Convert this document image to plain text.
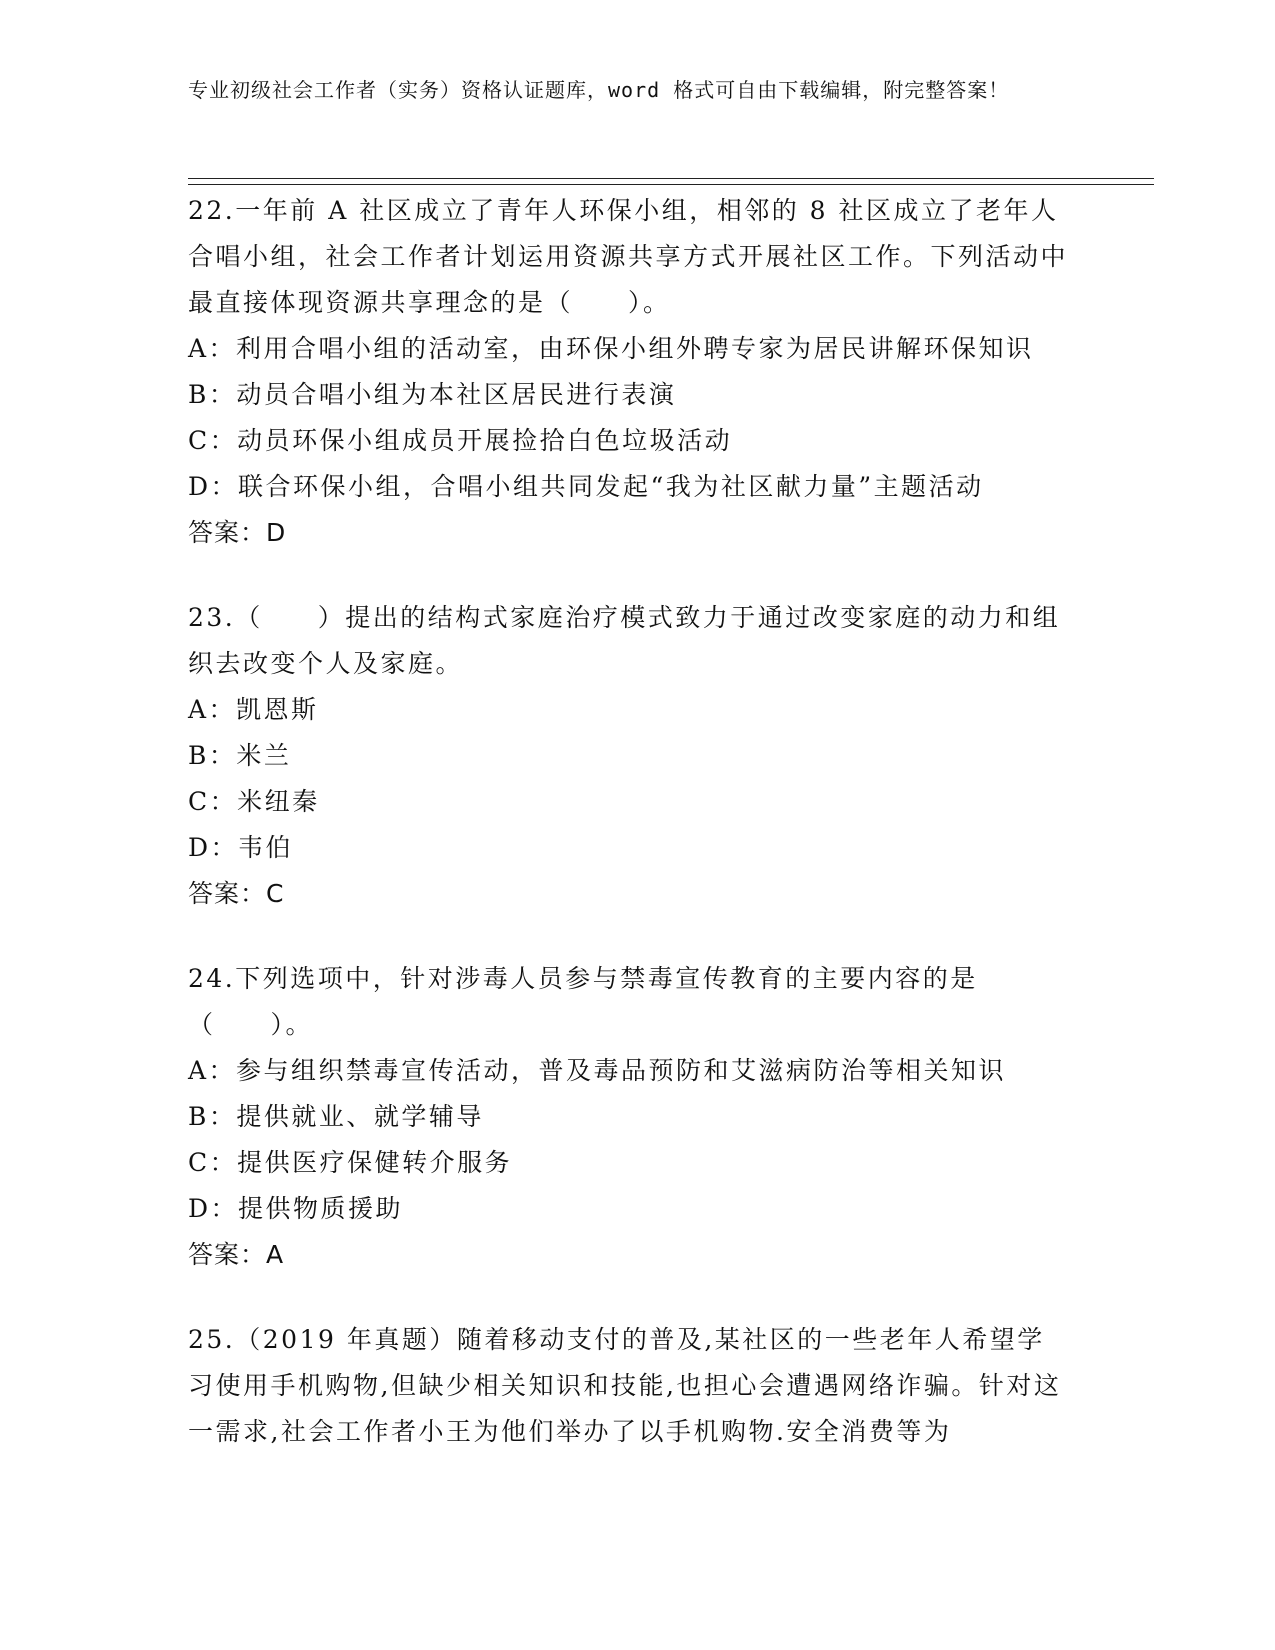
专业初级社会工作者（实务）资格认证题库，word 格式可自由下载编辑，附完整答案！
22.一年前 A 社区成立了青年人环保小组，相邻的 8 社区成立了老年人合唱小组，社会工作者计划运用资源共享方式开展社区工作。下列活动中最直接体现资源共享理念的是（　　）。
A：利用合唱小组的活动室，由环保小组外聘专家为居民讲解环保知识
B：动员合唱小组为本社区居民进行表演
C：动员环保小组成员开展捡拾白色垃圾活动
D：联合环保小组，合唱小组共同发起“我为社区献力量”主题活动
答案：D
23.（　　）提出的结构式家庭治疗模式致力于通过改变家庭的动力和组织去改变个人及家庭。
A：凯恩斯
B：米兰
C：米纽秦
D：韦伯
答案：C
24.下列选项中，针对涉毒人员参与禁毒宣传教育的主要内容的是（　　）。
A：参与组织禁毒宣传活动，普及毒品预防和艾滋病防治等相关知识
B：提供就业、就学辅导
C：提供医疗保健转介服务
D：提供物质援助
答案：A
25.（2019 年真题）随着移动支付的普及,某社区的一些老年人希望学习使用手机购物,但缺少相关知识和技能,也担心会遭遇网络诈骗。针对这一需求,社会工作者小王为他们举办了以手机购物.安全消费等为
